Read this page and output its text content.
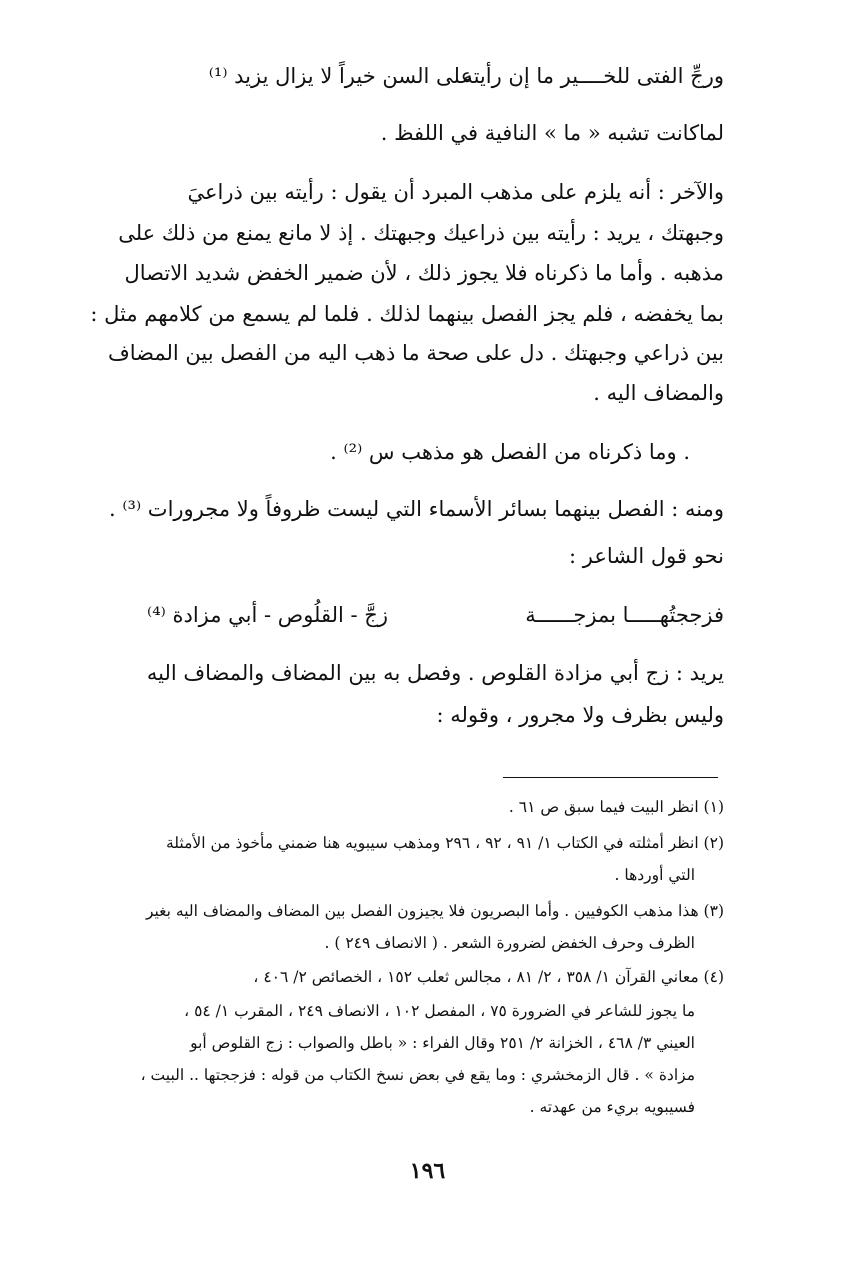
ورجِّ الفتى للخــــير ما إن رأيته
على السن خيراً لا يزال يزيد ⁽¹⁾
لماكانت تشبه « ما » النافية في اللفظ .
والآخر : أنه يلزم على مذهب المبرد أن يقول : رأيته بين ذراعيَ
وجبهتك ، يريد : رأيته بين ذراعيك وجبهتك . إذ لا مانع يمنع من ذلك على
مذهبه . وأما ما ذكرناه فلا يجوز ذلك ، لأن ضمير الخفض شديد الاتصال
بما يخفضه ، فلم يجز الفصل بينهما لذلك . فلما لم يسمع من كلامهم مثل :
بين ذراعي وجبهتك . دل على صحة ما ذهب اليه من الفصل بين المضاف
والمضاف اليه .
. وما ذكرناه من الفصل هو مذهب س ⁽²⁾ .
ومنه : الفصل بينهما بسائر الأسماء التي ليست ظروفاً ولا مجرورات ⁽³⁾ .
نحو قول الشاعر :
فزججتُهـــــا بمزجــــــة
زجَّ - القلُوص - أبي مزادة ⁽⁴⁾
يريد : زج أبي مزادة القلوص . وفصل به بين المضاف والمضاف اليه
وليس بظرف ولا مجرور ، وقوله :
(١) انظر البيت فيما سبق ص ٦١ .
(٢) انظر أمثلته في الكتاب ١/ ٩١ ، ٩٢ ، ٢٩٦ ومذهب سيبويه هنا ضمني مأخوذ من الأمثلة
التي أوردها .
(٣) هذا مذهب الكوفيين . وأما البصريون فلا يجيزون الفصل بين المضاف والمضاف اليه بغير
الظرف وحرف الخفض لضرورة الشعر . ( الانصاف ٢٤٩ ) .
(٤) معاني القرآن ١/ ٣٥٨ ، ٢/ ٨١ ، مجالس ثعلب ١٥٢ ، الخصائص ٢/ ٤٠٦ ،
ما يجوز للشاعر في الضرورة ٧٥ ، المفصل ١٠٢ ، الانصاف ٢٤٩ ، المقرب ١/ ٥٤ ،
العيني ٣/ ٤٦٨ ، الخزانة ٢/ ٢٥١ وقال الفراء : « باطل والصواب : زج القلوص أبو
مزادة » . قال الزمخشري : وما يقع في بعض نسخ الكتاب من قوله : فزججتها .. البيت ،
فسيبويه بريء من عهدته .
١٩٦
